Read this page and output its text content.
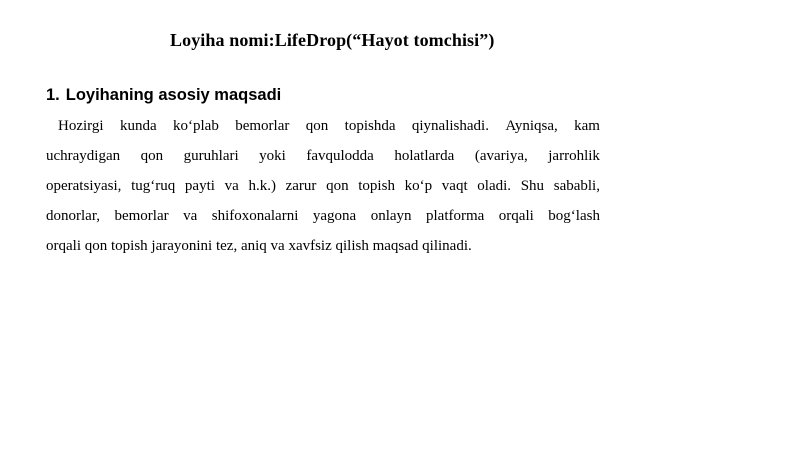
Loyiha nomi:LifeDrop(“Hayot tomchisi”)
1. Loyihaning asosiy maqsadi
Hozirgi kunda ko‘plab bemorlar qon topishda qiynalishadi. Ayniqsa, kam
uchraydigan qon guruhlari yoki favqulodda holatlarda (avariya, jarrohlik
operatsiyasi, tug‘ruq payti va h.k.) zarur qon topish ko‘p vaqt oladi. Shu sababli,
donorlar, bemorlar va shifoxonalarni yagona onlayn platforma orqali bog‘lash
orqali qon topish jarayonini tez, aniq va xavfsiz qilish maqsad qilinadi.
